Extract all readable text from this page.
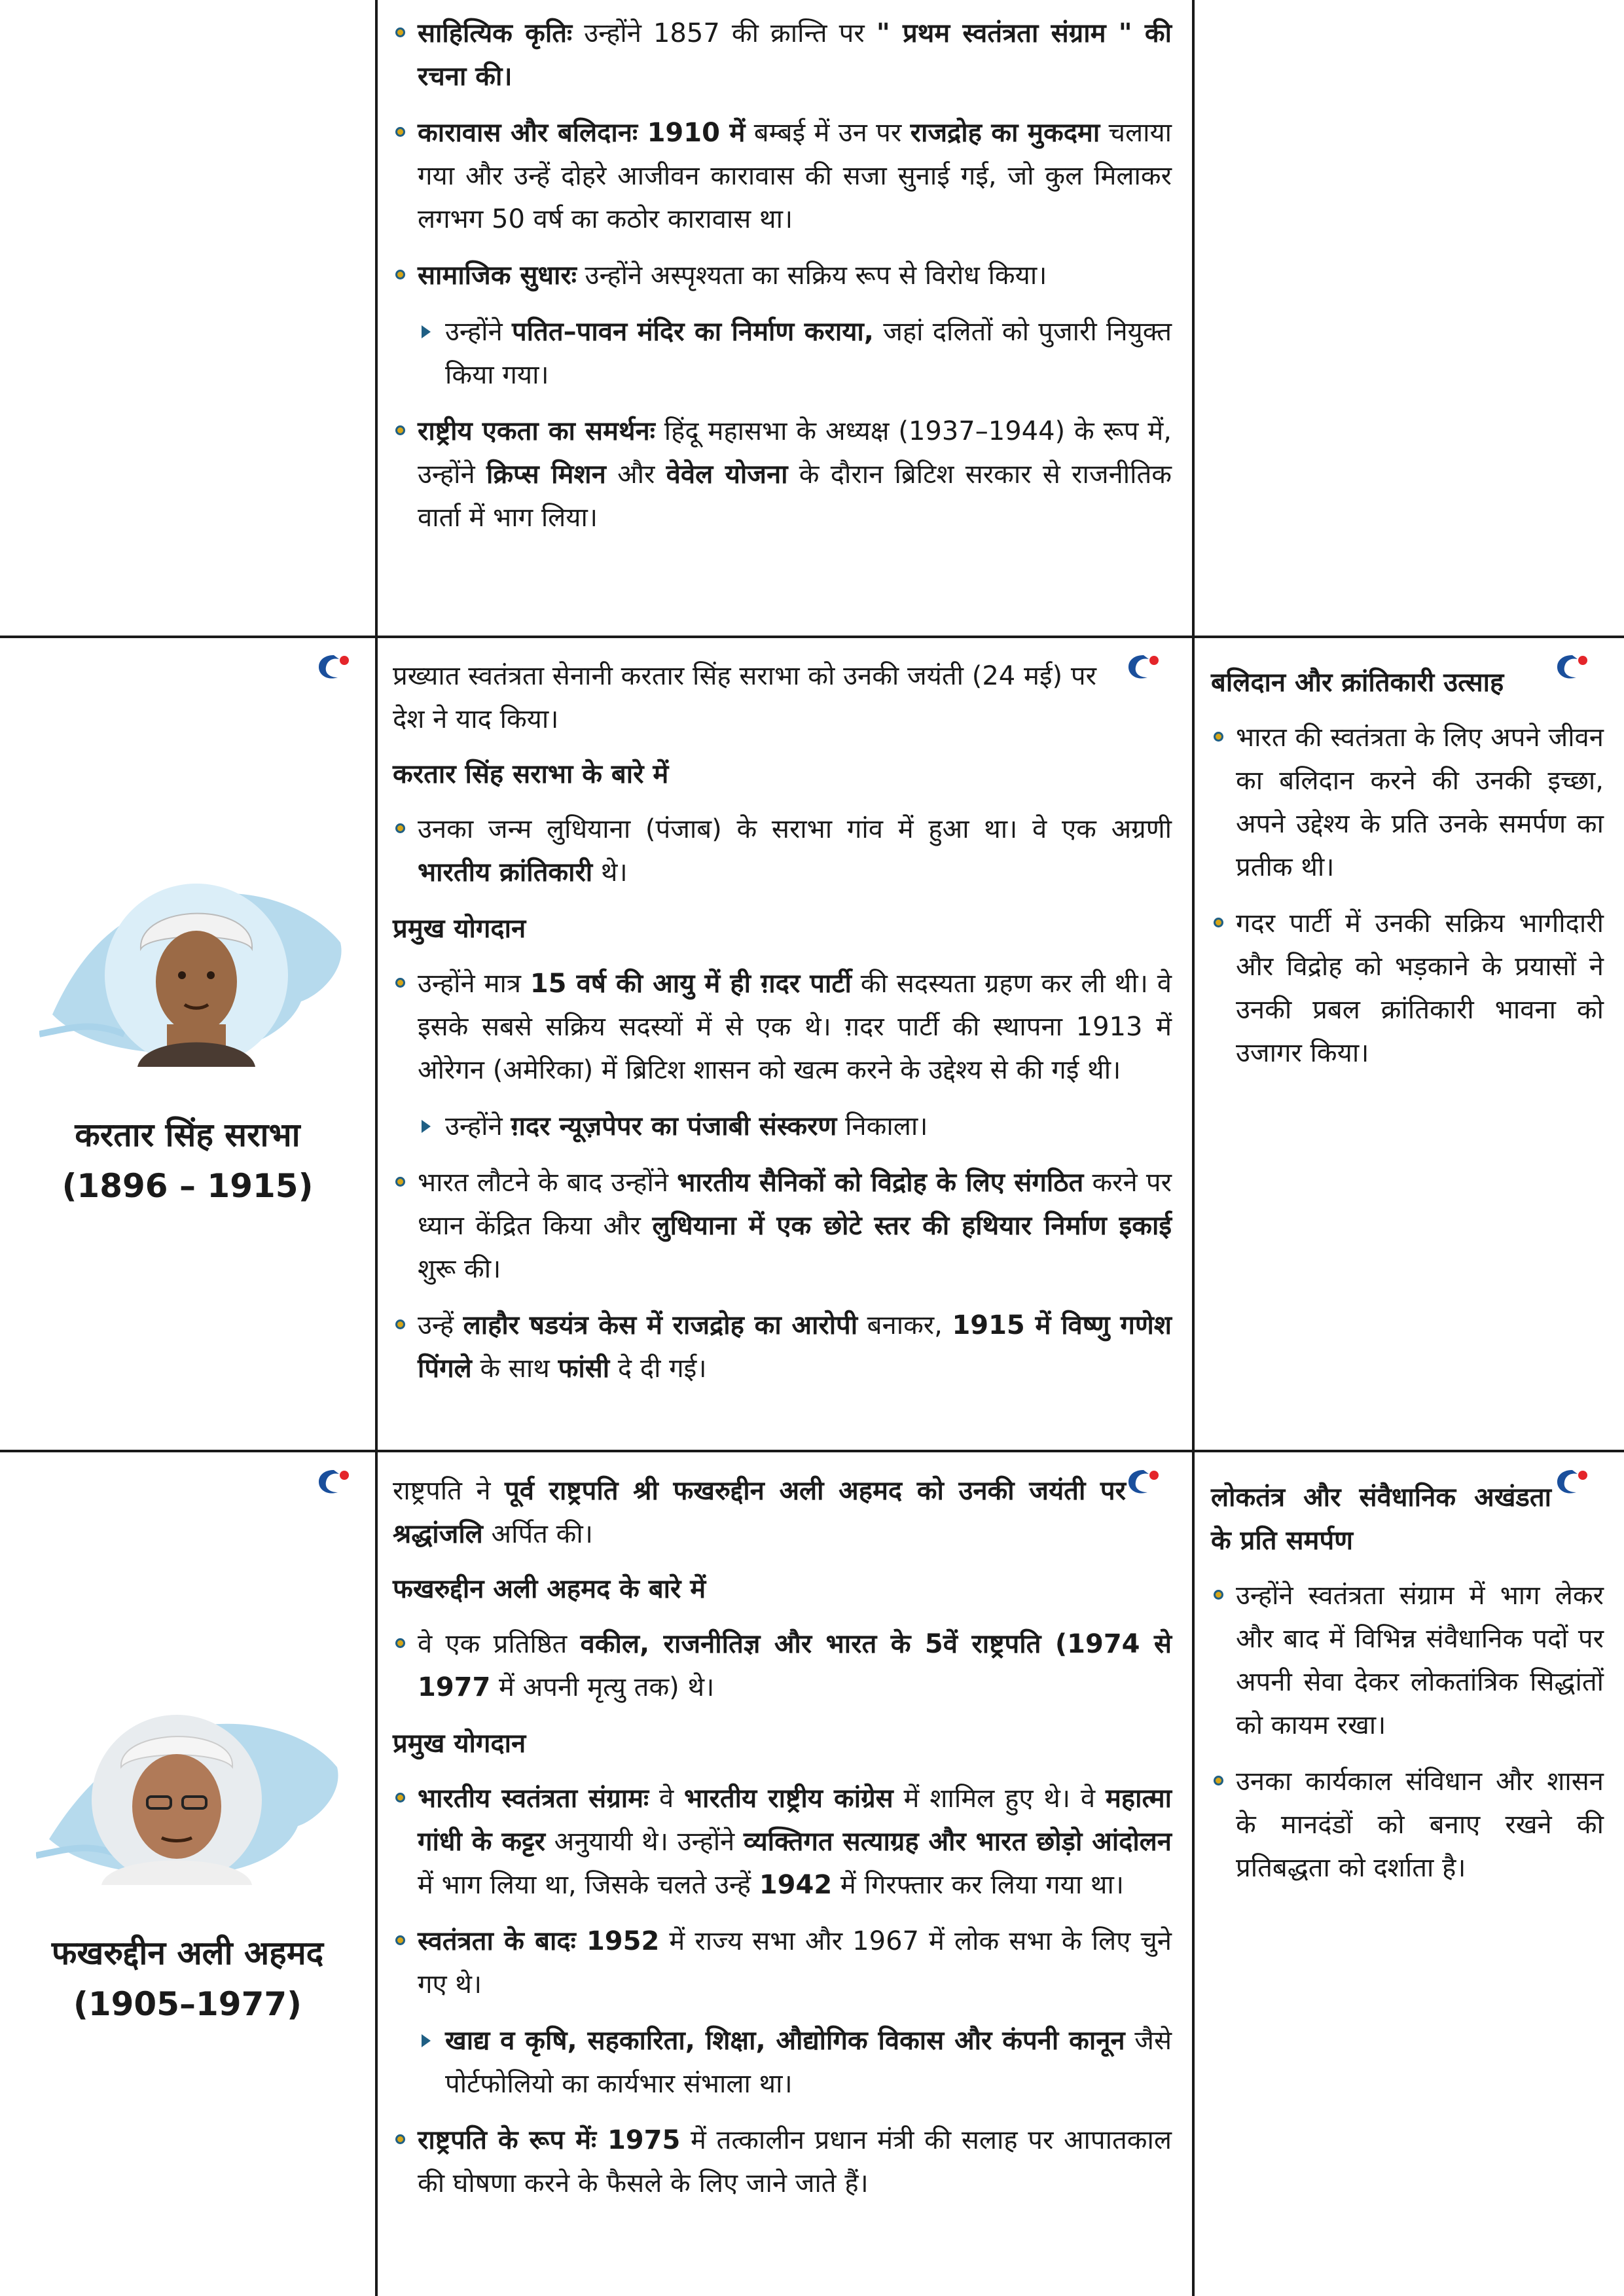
साहित्यिक कृतिः उन्होंने 1857 की क्रान्ति पर " प्रथम स्वतंत्रता संग्राम " की रचना की।
कारावास और बलिदानः 1910 में बम्बई में उन पर राजद्रोह का मुकदमा चलाया गया और उन्हें दोहरे आजीवन कारावास की सजा सुनाई गई, जो कुल मिलाकर लगभग 50 वर्ष का कठोर कारावास था।
सामाजिक सुधारः उन्होंने अस्पृश्यता का सक्रिय रूप से विरोध किया।
उन्होंने पतित–पावन मंदिर का निर्माण कराया, जहां दलितों को पुजारी नियुक्त किया गया।
राष्ट्रीय एकता का समर्थनः हिंदू महासभा के अध्यक्ष (1937–1944) के रूप में, उन्होंने क्रिप्स मिशन और वेवेल योजना के दौरान ब्रिटिश सरकार से राजनीतिक वार्ता में भाग लिया।
करतार सिंह सराभा
(1896 – 1915)

प्रख्यात स्वतंत्रता सेनानी करतार सिंह सराभा को उनकी जयंती (24 मई) पर देश ने याद किया।

करतार सिंह सराभा के बारे में
उनका जन्म लुधियाना (पंजाब) के सराभा गांव में हुआ था। वे एक अग्रणी भारतीय क्रांतिकारी थे।
प्रमुख योगदान
उन्होंने मात्र 15 वर्ष की आयु में ही ग़दर पार्टी की सदस्यता ग्रहण कर ली थी। वे इसके सबसे सक्रिय सदस्यों में से एक थे। ग़दर पार्टी की स्थापना 1913 में ओरेगन (अमेरिका) में ब्रिटिश शासन को खत्म करने के उद्देश्य से की गई थी।
उन्होंने ग़दर न्यूज़पेपर का पंजाबी संस्करण निकाला।
भारत लौटने के बाद उन्होंने भारतीय सैनिकों को विद्रोह के लिए संगठित करने पर ध्यान केंद्रित किया और लुधियाना में एक छोटे स्तर की हथियार निर्माण इकाई शुरू की।
उन्हें लाहौर षडयंत्र केस में राजद्रोह का आरोपी बनाकर, 1915 में विष्णु गणेश पिंगले के साथ फांसी दे दी गई।
बलिदान और क्रांतिकारी उत्साह
भारत की स्वतंत्रता के लिए अपने जीवन का बलिदान करने की उनकी इच्छा, अपने उद्देश्य के प्रति उनके समर्पण का प्रतीक थी।
गदर पार्टी में उनकी सक्रिय भागीदारी और विद्रोह को भड़काने के प्रयासों ने उनकी प्रबल क्रांतिकारी भावना को उजागर किया।
फखरुद्दीन अली अहमद
(1905–1977)

राष्ट्रपति ने पूर्व राष्ट्रपति श्री फखरुद्दीन अली अहमद को उनकी जयंती पर श्रद्धांजलि अर्पित की।

फखरुद्दीन अली अहमद के बारे में
वे एक प्रतिष्ठित वकील, राजनीतिज्ञ और भारत के 5वें राष्ट्रपति (1974 से 1977 में अपनी मृत्यु तक) थे।
प्रमुख योगदान
भारतीय स्वतंत्रता संग्रामः वे भारतीय राष्ट्रीय कांग्रेस में शामिल हुए थे। वे महात्मा गांधी के कट्टर अनुयायी थे। उन्होंने व्यक्तिगत सत्याग्रह और भारत छोड़ो आंदोलन में भाग लिया था, जिसके चलते उन्हें 1942 में गिरफ्तार कर लिया गया था।
स्वतंत्रता के बादः 1952 में राज्य सभा और 1967 में लोक सभा के लिए चुने गए थे।
खाद्य व कृषि, सहकारिता, शिक्षा, औद्योगिक विकास और कंपनी कानून जैसे पोर्टफोलियो का कार्यभार संभाला था।
राष्ट्रपति के रूप मेंः 1975 में तत्कालीन प्रधान मंत्री की सलाह पर आपातकाल की घोषणा करने के फैसले के लिए जाने जाते हैं।
लोकतंत्र और संवैधानिक अखंडता के प्रति समर्पण
उन्होंने स्वतंत्रता संग्राम में भाग लेकर और बाद में विभिन्न संवैधानिक पदों पर अपनी सेवा देकर लोकतांत्रिक सिद्धांतों को कायम रखा।
उनका कार्यकाल संविधान और शासन के मानदंडों को बनाए रखने की प्रतिबद्धता को दर्शाता है।
